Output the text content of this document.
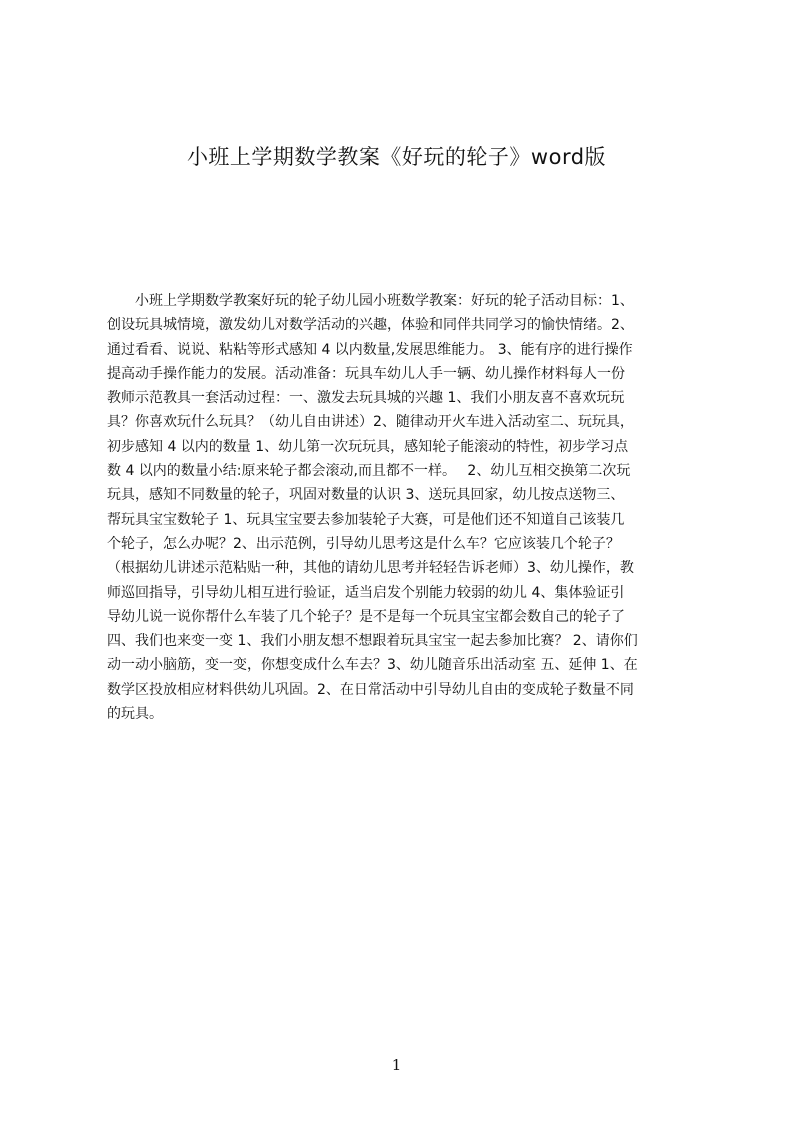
小班上学期数学教案《好玩的轮子》word版
　　小班上学期数学教案好玩的轮子幼儿园小班数学教案：好玩的轮子活动目标：1、
创设玩具城情境，激发幼儿对数学活动的兴趣，体验和同伴共同学习的愉快情绪。2、
通过看看、说说、粘粘等形式感知 4 以内数量,发展思维能力。 3、能有序的进行操作
提高动手操作能力的发展。活动准备：玩具车幼儿人手一辆、幼儿操作材料每人一份
教师示范教具一套活动过程：一、激发去玩具城的兴趣 1、我们小朋友喜不喜欢玩玩
具？你喜欢玩什么玩具？（幼儿自由讲述）2、随律动开火车进入活动室二、玩玩具，
初步感知 4 以内的数量 1、幼儿第一次玩玩具，感知轮子能滚动的特性，初步学习点
数 4 以内的数量小结:原来轮子都会滚动,而且都不一样。　 2、幼儿互相交换第二次玩
玩具，感知不同数量的轮子，巩固对数量的认识 3、送玩具回家，幼儿按点送物三、
帮玩具宝宝数轮子 1、玩具宝宝要去参加装轮子大赛，可是他们还不知道自己该装几
个轮子，怎么办呢？2、出示范例，引导幼儿思考这是什么车？它应该装几个轮子？
（根据幼儿讲述示范粘贴一种，其他的请幼儿思考并轻轻告诉老师）3、幼儿操作，教
师巡回指导，引导幼儿相互进行验证，适当启发个别能力较弱的幼儿 4、集体验证引
导幼儿说一说你帮什么车装了几个轮子？是不是每一个玩具宝宝都会数自己的轮子了
四、我们也来变一变 1、我们小朋友想不想跟着玩具宝宝一起去参加比赛？ 2、请你们
动一动小脑筋，变一变，你想变成什么车去？3、幼儿随音乐出活动室 五、延伸 1、在
数学区投放相应材料供幼儿巩固。2、在日常活动中引导幼儿自由的变成轮子数量不同
的玩具。
1
